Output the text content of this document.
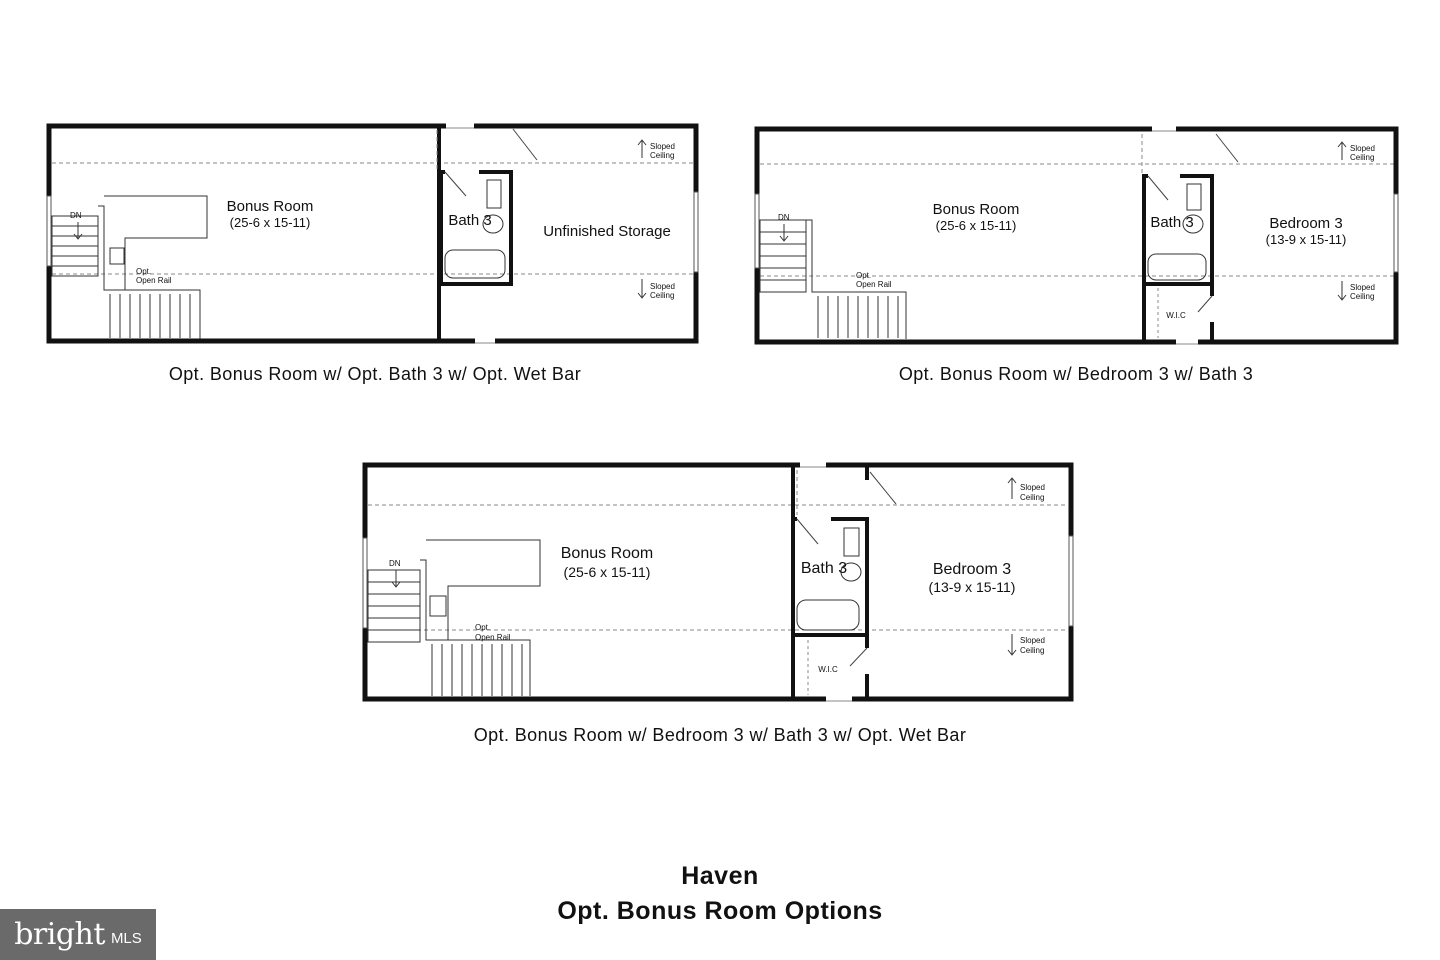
DN
Opt.
Open Rail
Sloped
Ceiling
Sloped
Ceiling
Bonus Room
(25-6 x 15-11)	Bath 3
Unfinished Storage
Opt. Bonus Room w/ Opt. Bath 3 w/ Opt. Wet Bar
DN
Opt.
Open Rail
Sloped
Ceiling
Sloped
Ceiling
W.I.C
Bonus Room
(25-6 x 15-11)	Bath 3	Bedroom 3
(13-9 x 15-11)
Opt. Bonus Room w/ Bedroom 3 w/ Bath 3
DN
Opt.
Open Rail
Sloped
Ceiling
Sloped
Ceiling
W.I.C
Bonus Room
(25-6 x 15-11)	Bath 3	Bedroom 3
(13-9 x 15-11)
Opt. Bonus Room w/ Bedroom 3 w/ Bath 3 w/ Opt. Wet Bar
Haven
Opt. Bonus Room Options
bright MLS
